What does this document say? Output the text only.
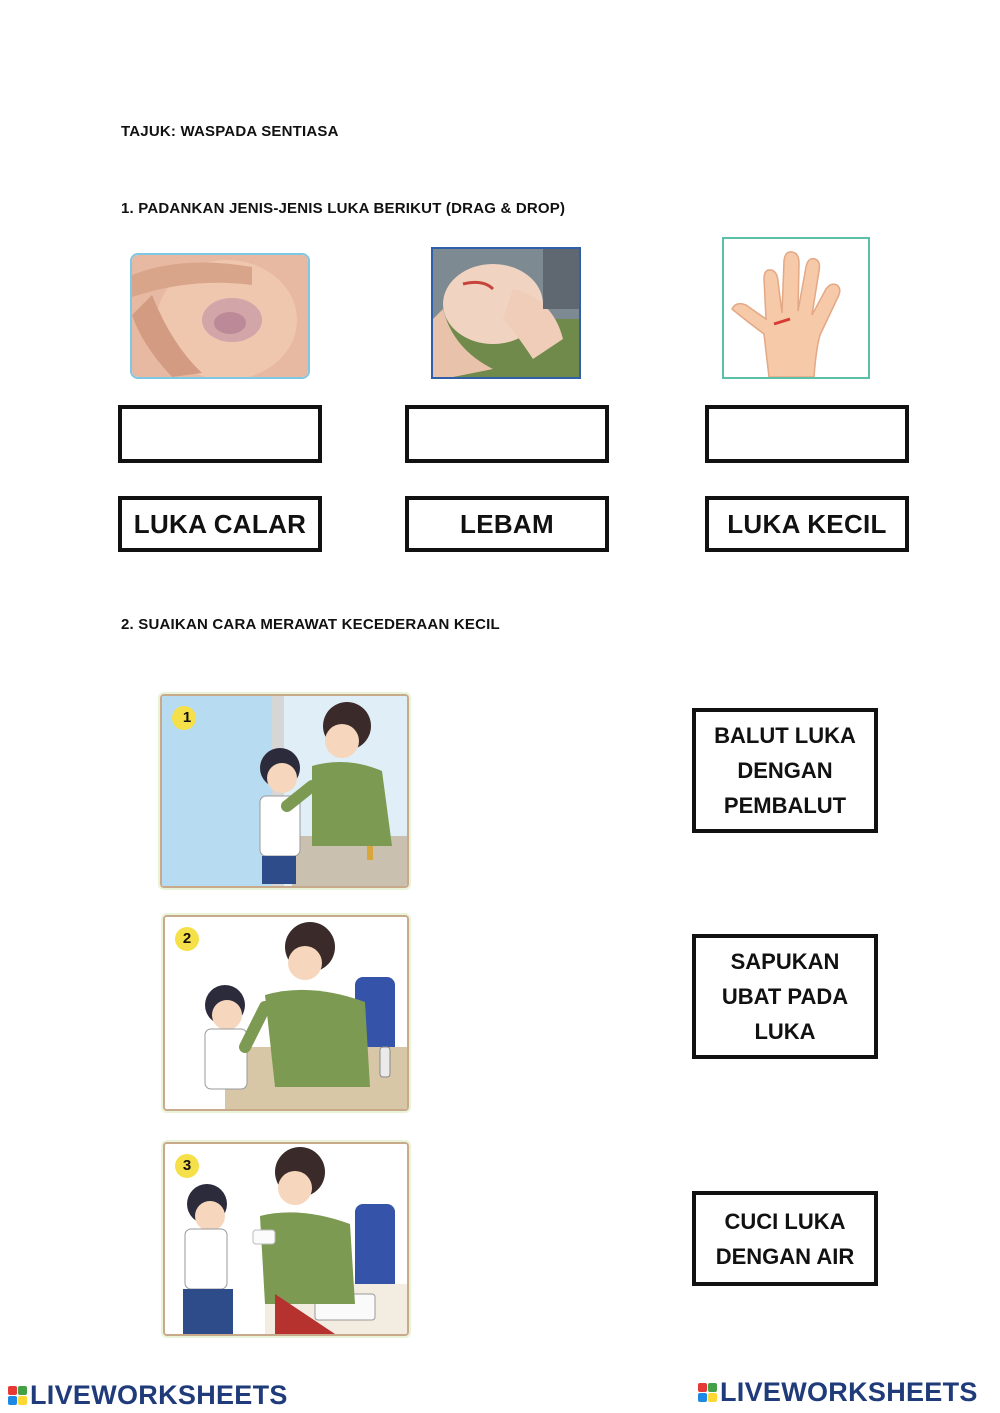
TAJUK: WASPADA SENTIASA
1. PADANKAN JENIS-JENIS LUKA BERIKUT (DRAG & DROP)
LUKA CALAR	LEBAM	LUKA KECIL
2. SUAIKAN CARA MERAWAT KECEDERAAN KECIL
1
2
3
BALUT LUKA DENGAN PEMBALUT
SAPUKAN UBAT PADA LUKA
CUCI LUKA DENGAN AIR
LIVEWORKSHEETS	LIVEWORKSHEETS
